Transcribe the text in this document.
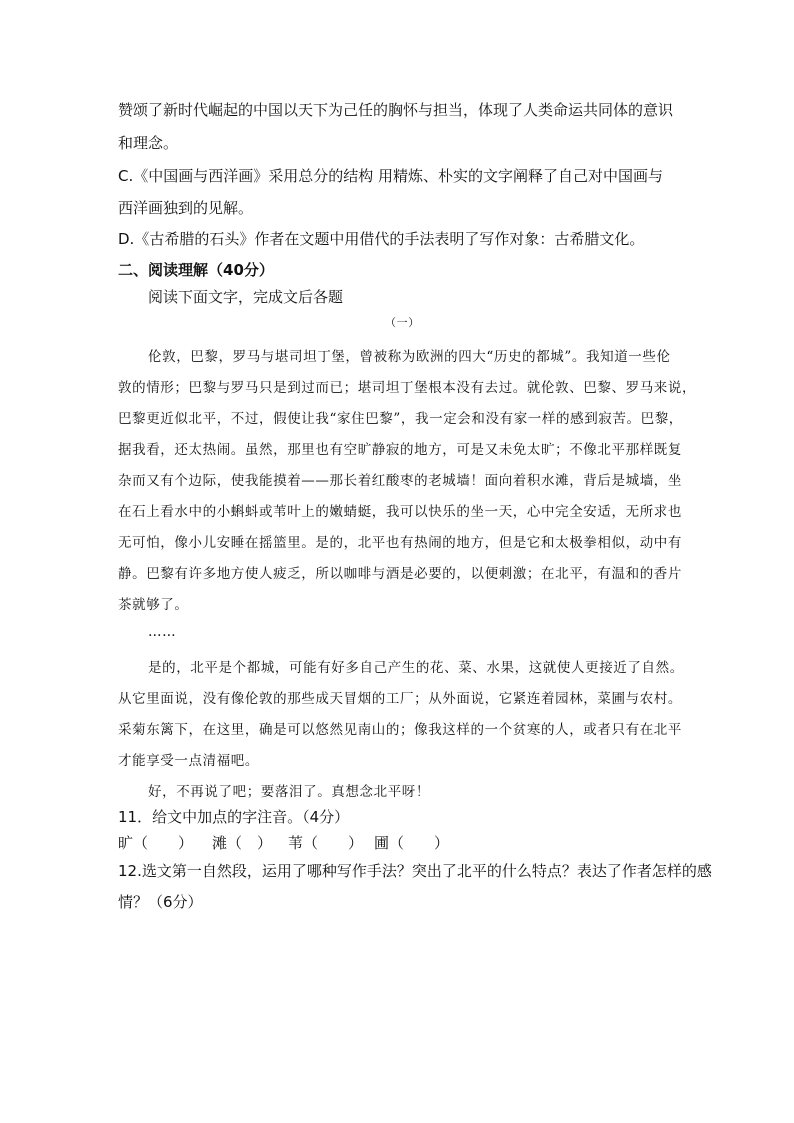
赞颂了新时代崛起的中国以天下为己任的胸怀与担当，体现了人类命运共同体的意识
和理念。
C.《中国画与西洋画》采用总分的结构 用精炼、朴实的文字阐释了自己对中国画与
西洋画独到的见解。
D.《古希腊的石头》作者在文题中用借代的手法表明了写作对象：古希腊文化。
二、阅读理解（40分）
阅读下面文字，完成文后各题
（一）
伦敦，巴黎，罗马与堪司坦丁堡，曾被称为欧洲的四大“历史的都城”。我知道一些伦
敦的情形；巴黎与罗马只是到过而已；堪司坦丁堡根本没有去过。就伦敦、巴黎、罗马来说，
巴黎更近似北平，不过，假使让我“家住巴黎”，我一定会和没有家一样的感到寂苦。巴黎，
据我看，还太热闹。虽然，那里也有空旷静寂的地方，可是又未免太旷；不像北平那样既复
杂而又有个边际，使我能摸着——那长着红酸枣的老城墙！面向着积水滩，背后是城墙，坐
在石上看水中的小蝌蚪或苇叶上的嫩蜻蜓，我可以快乐的坐一天，心中完全安适，无所求也
无可怕，像小儿安睡在摇篮里。是的，北平也有热闹的地方，但是它和太极拳相似，动中有
静。巴黎有许多地方使人疲乏，所以咖啡与酒是必要的，以便刺激；在北平，有温和的香片
茶就够了。
……
是的，北平是个都城，可能有好多自己产生的花、菜、水果，这就使人更接近了自然。
从它里面说，没有像伦敦的那些成天冒烟的工厂；从外面说，它紧连着园林，菜圃与农村。
采菊东篱下，在这里，确是可以悠然见南山的；像我这样的一个贫寒的人，或者只有在北平
才能享受一点清福吧。
好，不再说了吧；要落泪了。真想念北平呀！
11．给文中加点的字注音。（4分）
旷（　　） 滩（　） 苇（　　） 圃（　　）
12.选文第一自然段，运用了哪种写作手法？突出了北平的什么特点？表达了作者怎样的感
情？（6分）
